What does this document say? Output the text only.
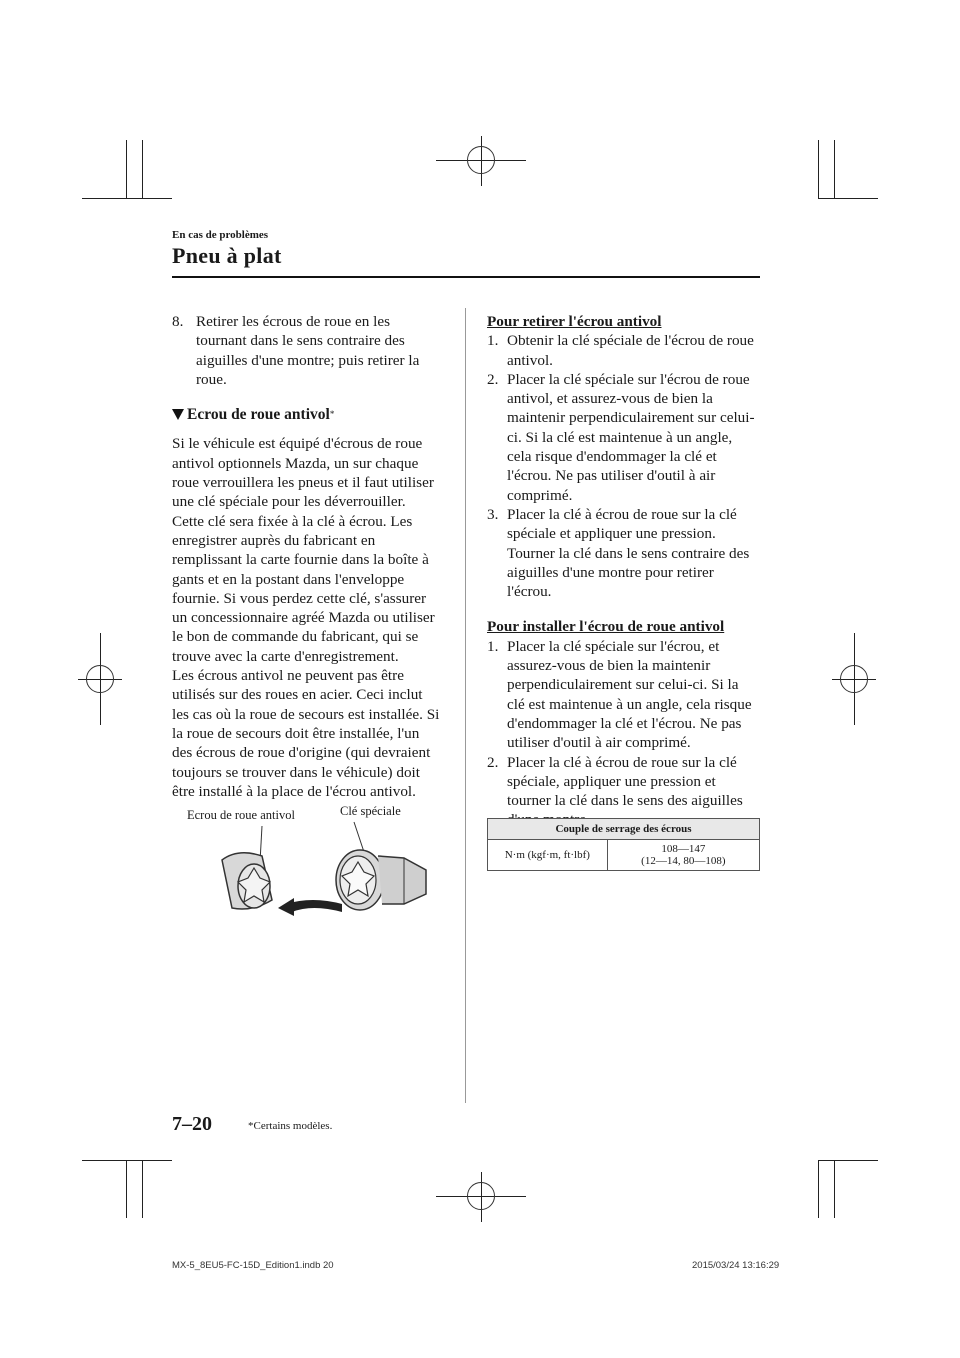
En cas de problèmes
Pneu à plat

8. Retirer les écrous de roue en les tournant dans le sens contraire des aiguilles d'une montre; puis retirer la roue.

Ecrou de roue antivol *

Si le véhicule est équipé d'écrous de roue antivol optionnels Mazda, un sur chaque roue verrouillera les pneus et il faut utiliser une clé spéciale pour les déverrouiller. Cette clé sera fixée à la clé à écrou. Les enregistrer auprès du fabricant en remplissant la carte fournie dans la boîte à gants et en la postant dans l'enveloppe fournie. Si vous perdez cette clé, s'assurer un concessionnaire agréé Mazda ou utiliser le bon de commande du fabricant, qui se trouve avec la carte d'enregistrement.

Les écrous antivol ne peuvent pas être utilisés sur des roues en acier. Ceci inclut les cas où la roue de secours est installée. Si la roue de secours doit être installée, l'un des écrous de roue d'origine (qui devraient toujours se trouver dans le véhicule) doit être installé à la place de l'écrou antivol.

Ecrou de roue antivol	Clé spéciale

Pour retirer l'écrou antivol

1. Obtenir la clé spéciale de l'écrou de roue antivol.

2. Placer la clé spéciale sur l'écrou de roue antivol, et assurez-vous de bien la maintenir perpendiculairement sur celui-ci. Si la clé est maintenue à un angle, cela risque d'endommager la clé et l'écrou. Ne pas utiliser d'outil à air comprimé.

3. Placer la clé à écrou de roue sur la clé spéciale et appliquer une pression. Tourner la clé dans le sens contraire des aiguilles d'une montre pour retirer l'écrou.

Pour installer l'écrou de roue antivol

1. Placer la clé spéciale sur l'écrou, et assurez-vous de bien la maintenir perpendiculairement sur celui-ci. Si la clé est maintenue à un angle, cela risque d'endommager la clé et l'écrou. Ne pas utiliser d'outil à air comprimé.

2. Placer la clé à écrou de roue sur la clé spéciale, appliquer une pression et tourner la clé dans le sens des aiguilles

Couple de serrage des écrous
N·m (kgf·m, ft·lbf)	108—147
(12—14, 80—108)
7–20	*Certains modèles.
MX-5_8EU5-FC-15D_Edition1.indb 20	2015/03/24 13:16:29
